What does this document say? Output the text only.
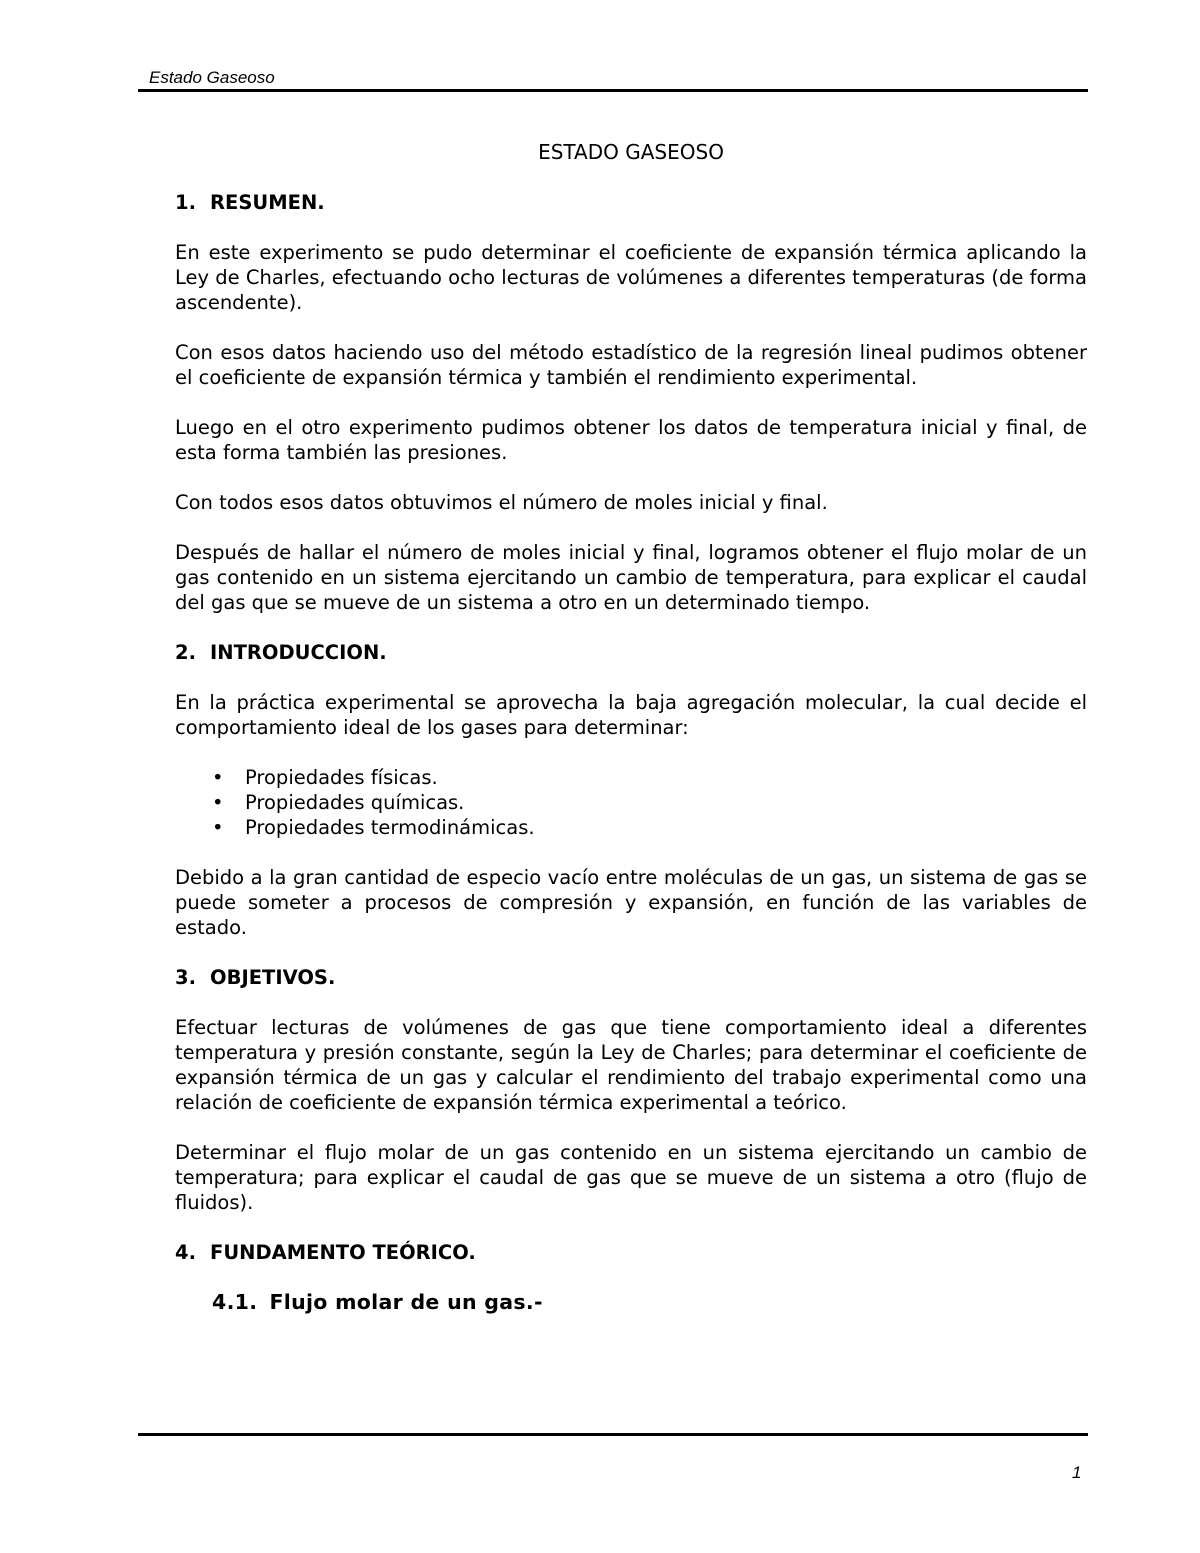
Estado Gaseoso
ESTADO GASEOSO
1. RESUMEN.

En este experimento se pudo determinar el coeficiente de expansión térmica aplicando la Ley de Charles, efectuando ocho lecturas de volúmenes a diferentes temperaturas (de forma ascendente).

Con esos datos haciendo uso del método estadístico de la regresión lineal pudimos obtener el coeficiente de expansión térmica y también el rendimiento experimental.

Luego en el otro experimento pudimos obtener los datos de temperatura inicial y final, de esta forma también las presiones.

Con todos esos datos obtuvimos el número de moles inicial y final.

Después de hallar el número de moles inicial y final, logramos obtener el flujo molar de un gas contenido en un sistema ejercitando un cambio de temperatura, para explicar el caudal del gas que se mueve de un sistema a otro en un determinado tiempo.

2. INTRODUCCION.

En la práctica experimental se aprovecha la baja agregación molecular, la cual decide el comportamiento ideal de los gases para determinar:

•	Propiedades físicas.
•	Propiedades químicas.
•	Propiedades termodinámicas.

Debido a la gran cantidad de especio vacío entre moléculas de un gas, un sistema de gas se puede someter a procesos de compresión y expansión, en función de las variables de estado.

3. OBJETIVOS.

Efectuar lecturas de volúmenes de gas que tiene comportamiento ideal a diferentes temperatura y presión constante, según la Ley de Charles; para determinar el coeficiente de expansión térmica de un gas y calcular el rendimiento del trabajo experimental como una relación de coeficiente de expansión térmica experimental a teórico.

Determinar el flujo molar de un gas contenido en un sistema ejercitando un cambio de temperatura; para explicar el caudal de gas que se mueve de un sistema a otro (flujo de fluidos).

4. FUNDAMENTO TEÓRICO.
4.1. Flujo molar de un gas.-
1
